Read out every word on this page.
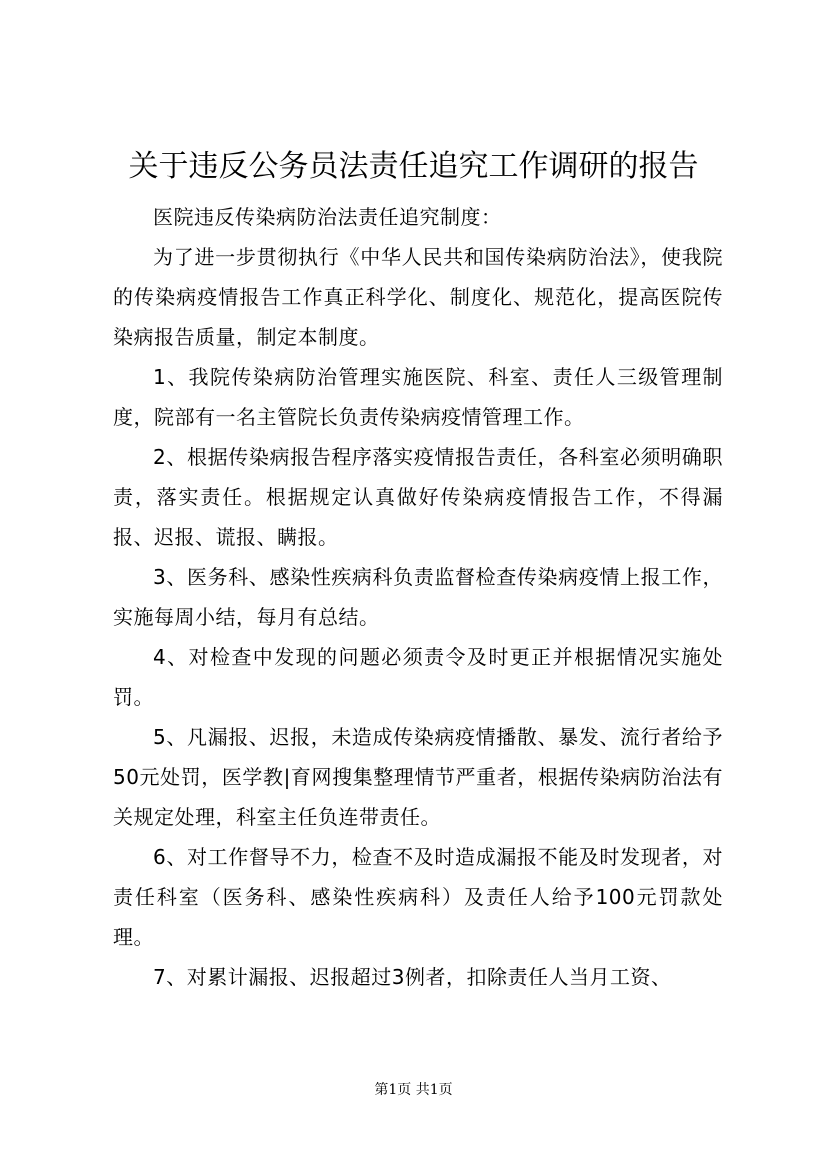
关于违反公务员法责任追究工作调研的报告

医院违反传染病防治法责任追究制度：

为了进一步贯彻执行《中华人民共和国传染病防治法》，使我院的传染病疫情报告工作真正科学化、制度化、规范化，提高医院传染病报告质量，制定本制度。

1、我院传染病防治管理实施医院、科室、责任人三级管理制度，院部有一名主管院长负责传染病疫情管理工作。

2、根据传染病报告程序落实疫情报告责任，各科室必须明确职责，落实责任。根据规定认真做好传染病疫情报告工作，不得漏报、迟报、谎报、瞒报。

3、医务科、感染性疾病科负责监督检查传染病疫情上报工作，实施每周小结，每月有总结。

4、对检查中发现的问题必须责令及时更正并根据情况实施处罚。

5、凡漏报、迟报，未造成传染病疫情播散、暴发、流行者给予50元处罚，医学教|育网搜集整理情节严重者，根据传染病防治法有关规定处理，科室主任负连带责任。

6、对工作督导不力，检查不及时造成漏报不能及时发现者，对责任科室（医务科、感染性疾病科）及责任人给予100元罚款处理。

7、对累计漏报、迟报超过3例者，扣除责任人当月工资、

第1页 共1页
